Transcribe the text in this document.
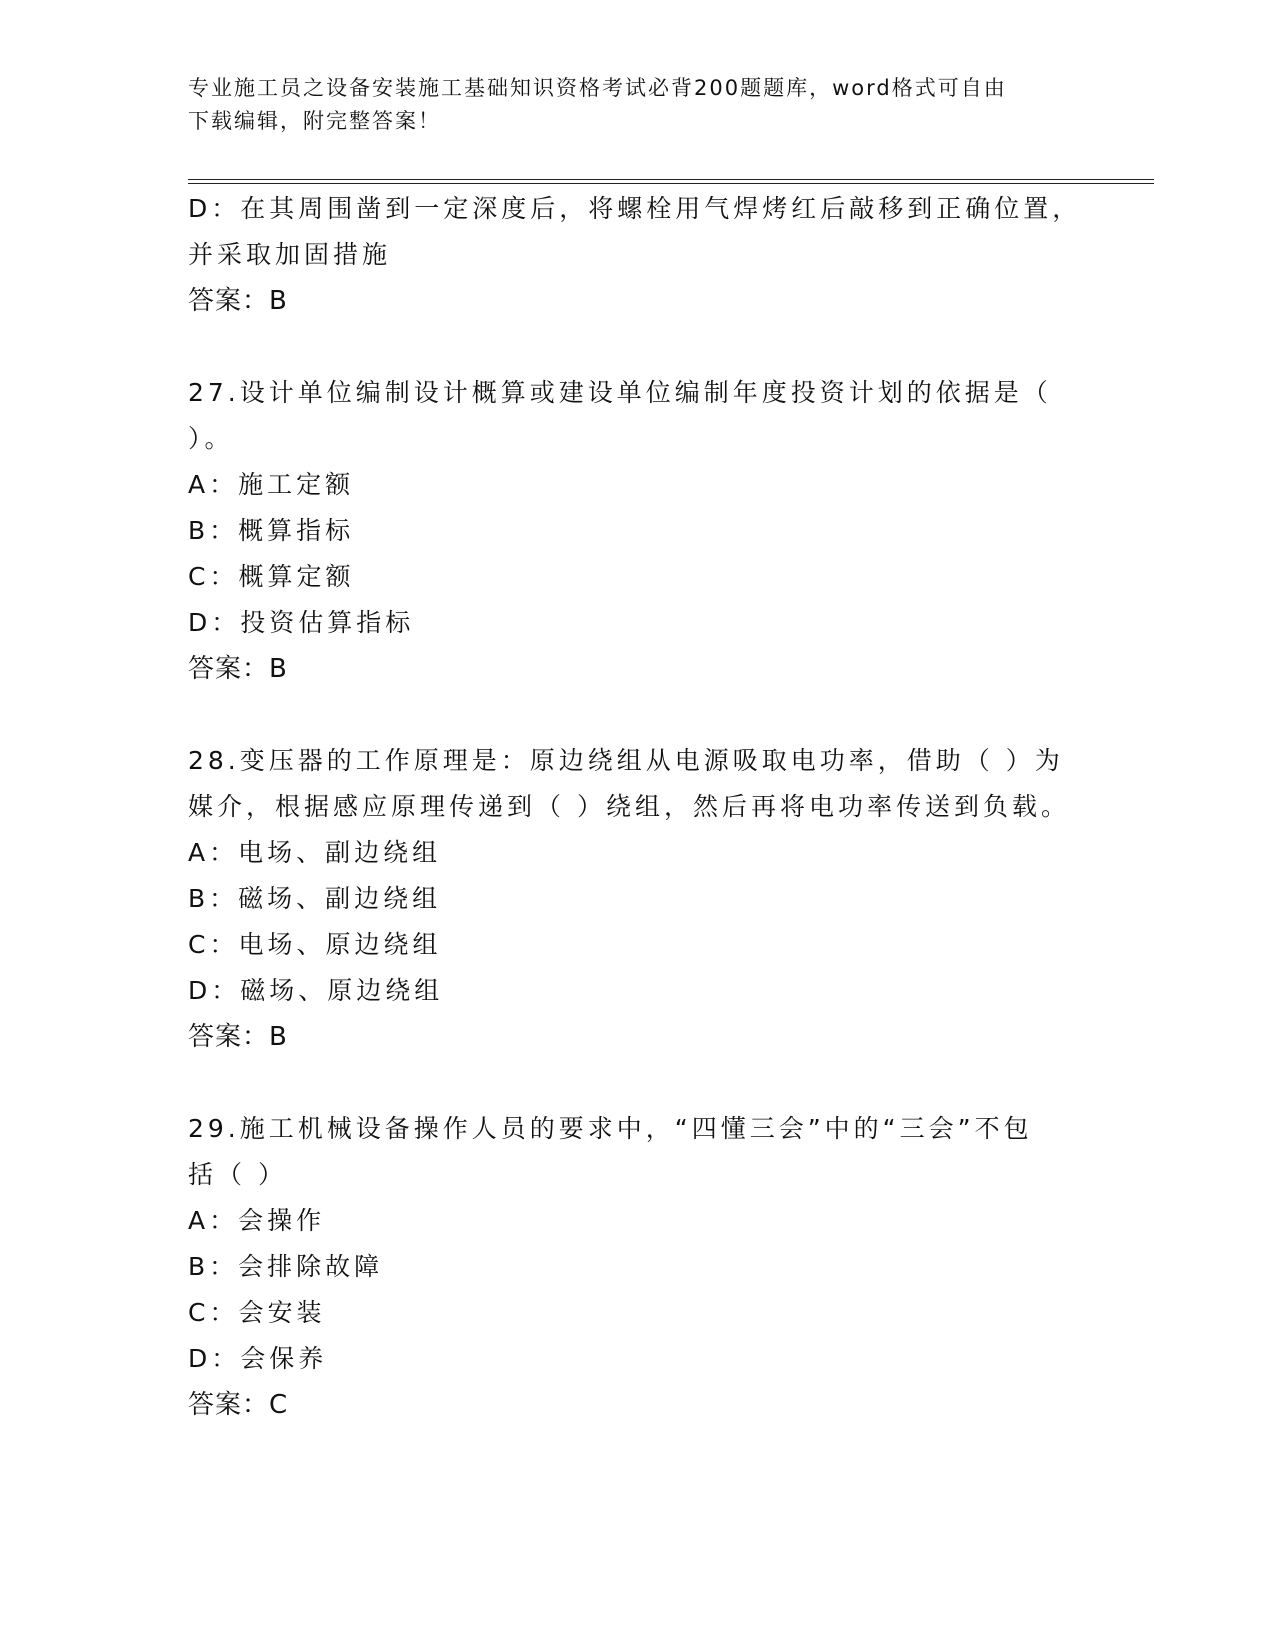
专业施工员之设备安装施工基础知识资格考试必背200题题库，word格式可自由
下载编辑，附完整答案！
D：在其周围凿到一定深度后，将螺栓用气焊烤红后敲移到正确位置，
并采取加固措施
答案：B
27.设计单位编制设计概算或建设单位编制年度投资计划的依据是（
）。
A：施工定额
B：概算指标
C：概算定额
D：投资估算指标
答案：B
28.变压器的工作原理是：原边绕组从电源吸取电功率，借助（ ）为
媒介，根据感应原理传递到（ ）绕组，然后再将电功率传送到负载。
A：电场、副边绕组
B：磁场、副边绕组
C：电场、原边绕组
D：磁场、原边绕组
答案：B
29.施工机械设备操作人员的要求中，“四懂三会”中的“三会”不包
括（ ）
A：会操作
B：会排除故障
C：会安装
D：会保养
答案：C
